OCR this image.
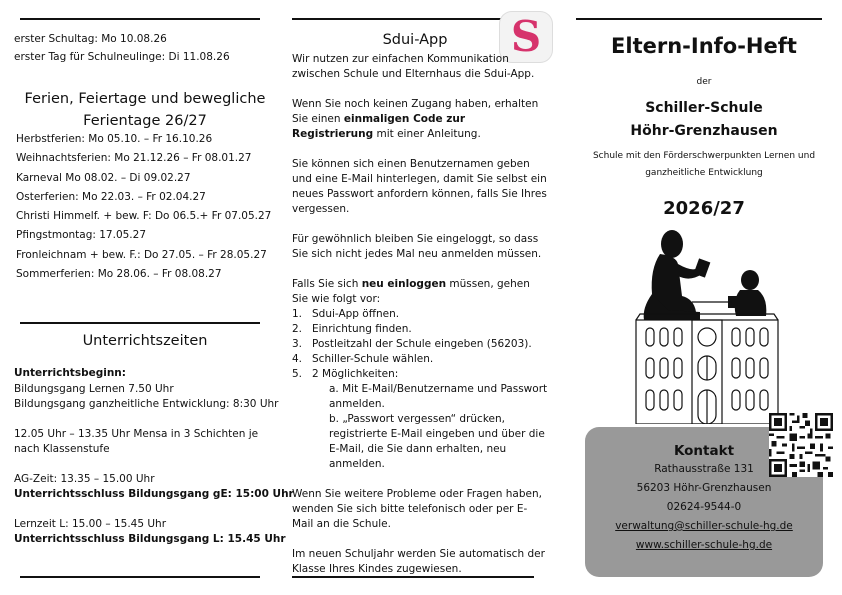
erster Schultag: Mo 10.08.26
erster Tag für Schulneulinge: Di 11.08.26
Ferien, Feiertage und bewegliche
Ferientage 26/27
Herbstferien: Mo 05.10. – Fr 16.10.26
Weihnachtsferien: Mo 21.12.26 – Fr 08.01.27
Karneval Mo 08.02. – Di 09.02.27
Osterferien: Mo 22.03. – Fr 02.04.27
Christi Himmelf. + bew. F: Do 06.5.+ Fr 07.05.27
Pfingstmontag: 17.05.27
Fronleichnam + bew. F.: Do 27.05. – Fr 28.05.27
Sommerferien: Mo 28.06. – Fr 08.08.27
Unterrichtszeiten
Unterrichtsbeginn:
Bildungsgang Lernen 7.50 Uhr
Bildungsgang ganzheitliche Entwicklung: 8:30 Uhr
12.05 Uhr – 13.35 Uhr Mensa in 3 Schichten je
nach Klassenstufe
AG-Zeit: 13.35 – 15.00 Uhr
Unterrichtsschluss Bildungsgang gE: 15:00 Uhr
Lernzeit L: 15.00 – 15.45 Uhr
Unterrichtsschluss Bildungsgang L: 15.45 Uhr
Sdui-App	S
Wir nutzen zur einfachen Kommunikation zwischen Schule und Elternhaus die Sdui-App.
Wenn Sie noch keinen Zugang haben, erhalten Sie einen einmaligen Code zur Registrierung mit einer Anleitung.
Sie können sich einen Benutzernamen geben und eine E-Mail hinterlegen, damit Sie selbst ein neues Passwort anfordern können, falls Sie Ihres vergessen.
Für gewöhnlich bleiben Sie eingeloggt, so dass Sie sich nicht jedes Mal neu anmelden müssen.
Falls Sie sich neu einloggen müssen, gehen Sie wie folgt vor:
1. Sdui-App öffnen.
2. Einrichtung finden.
3. Postleitzahl der Schule eingeben (56203).
4. Schiller-Schule wählen.
5. 2 Möglichkeiten:
a. Mit E-Mail/Benutzername und Passwort anmelden.
b. „Passwort vergessen“ drücken, registrierte E-Mail eingeben und über die E-Mail, die Sie dann erhalten, neu anmelden.
Wenn Sie weitere Probleme oder Fragen haben, wenden Sie sich bitte telefonisch oder per E-Mail an die Schule.
Im neuen Schuljahr werden Sie automatisch der Klasse Ihres Kindes zugewiesen.
Eltern-Info-Heft
der
Schiller-Schule
Höhr-Grenzhausen
Schule mit den Förderschwerpunkten Lernen und
ganzheitliche Entwicklung
2026/27
Kontakt
Rathausstraße 131
56203 Höhr-Grenzhausen
02624-9544-0
verwaltung@schiller-schule-hg.de
www.schiller-schule-hg.de
